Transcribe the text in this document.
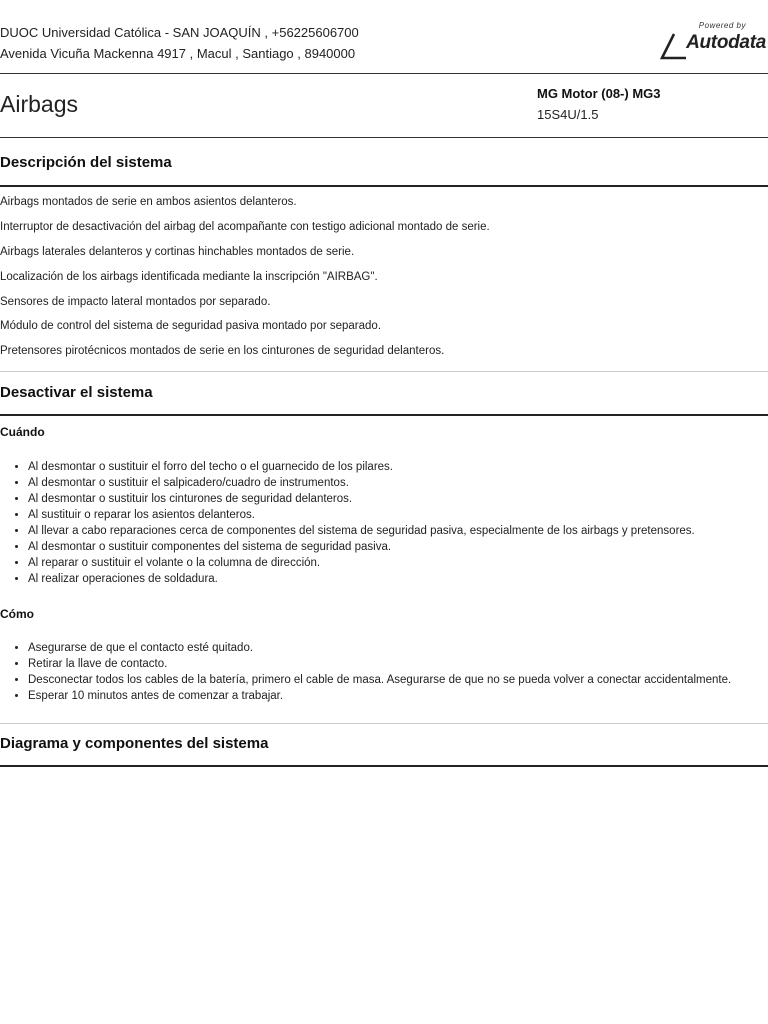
DUOC Universidad Católica - SAN JOAQUÍN , +56225606700
Avenida Vicuña Mackenna 4917 , Macul , Santiago , 8940000
Powered by
Autodata
Airbags	MG Motor (08-) MG3
15S4U/1.5
Descripción del sistema

Airbags montados de serie en ambos asientos delanteros.

Interruptor de desactivación del airbag del acompañante con testigo adicional montado de serie.

Airbags laterales delanteros y cortinas hinchables montados de serie.

Localización de los airbags identificada mediante la inscripción "AIRBAG".

Sensores de impacto lateral montados por separado.

Módulo de control del sistema de seguridad pasiva montado por separado.

Pretensores pirotécnicos montados de serie en los cinturones de seguridad delanteros.

Desactivar el sistema
Cuándo
• Al desmontar o sustituir el forro del techo o el guarnecido de los pilares.
• Al desmontar o sustituir el salpicadero/cuadro de instrumentos.
• Al desmontar o sustituir los cinturones de seguridad delanteros.
• Al sustituir o reparar los asientos delanteros.
• Al llevar a cabo reparaciones cerca de componentes del sistema de seguridad pasiva, especialmente de los airbags y pretensores.
• Al desmontar o sustituir componentes del sistema de seguridad pasiva.
• Al reparar o sustituir el volante o la columna de dirección.
• Al realizar operaciones de soldadura.
Cómo
• Asegurarse de que el contacto esté quitado.
• Retirar la llave de contacto.
• Desconectar todos los cables de la batería, primero el cable de masa. Asegurarse de que no se pueda volver a conectar accidentalmente.
• Esperar 10 minutos antes de comenzar a trabajar.
Diagrama y componentes del sistema
